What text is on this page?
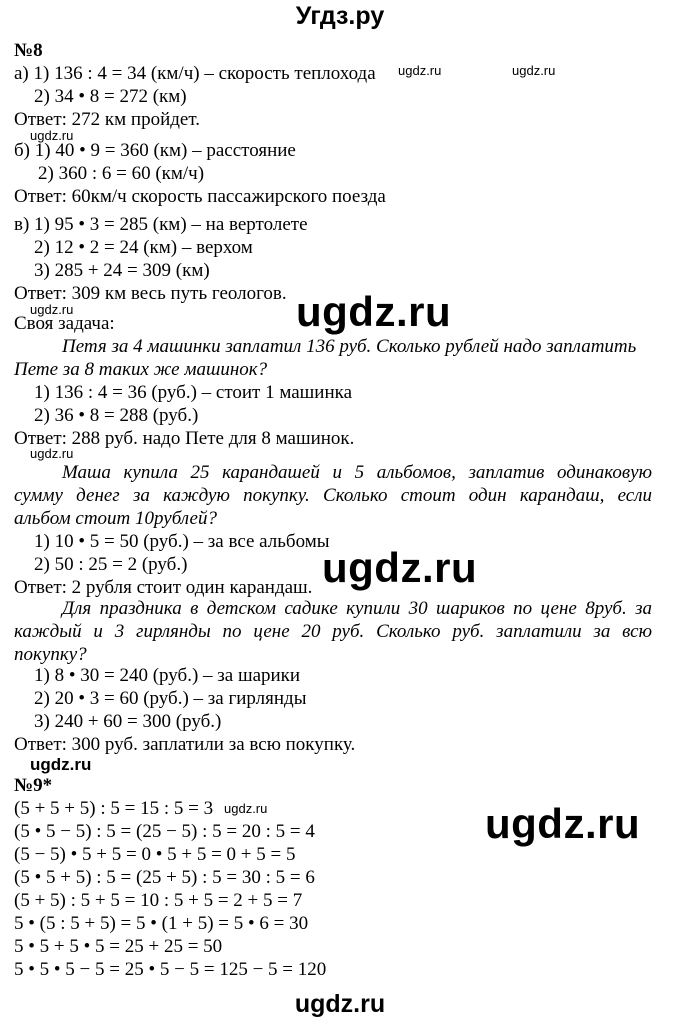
Угдз.ру
№8
а) 1) 136 : 4 = 34 (км/ч) – скорость теплохода
2) 34 • 8 = 272 (км)
Ответ: 272 км пройдет.
б) 1) 40 • 9 = 360 (км) – расстояние
2) 360 : 6 = 60 (км/ч)
Ответ: 60км/ч скорость пассажирского поезда
в) 1) 95 • 3 = 285 (км) – на вертолете
2) 12 • 2 = 24 (км) – верхом
3) 285 + 24 = 309 (км)
Ответ: 309 км весь путь геологов.
Своя задача:
Петя за 4 машинки заплатил 136 руб. Сколько рублей надо заплатить
Пете за 8 таких же машинок?
1) 136 : 4 = 36 (руб.) – стоит 1 машинка
2) 36 • 8 = 288 (руб.)
Ответ: 288 руб. надо Пете для 8 машинок.
Маша купила 25 карандашей и 5 альбомов, заплатив одинаковую
сумму денег за каждую покупку. Сколько стоит один карандаш, если
альбом стоит 10рублей?
1) 10 • 5 = 50 (руб.) – за все альбомы
2) 50 : 25 = 2 (руб.)
Ответ: 2 рубля стоит один карандаш.
Для праздника в детском садике купили 30 шариков по цене 8руб. за
каждый и 3 гирлянды по цене 20 руб. Сколько руб. заплатили за всю
покупку?
1) 8 • 30 = 240 (руб.) – за шарики
2) 20 • 3 = 60 (руб.) – за гирлянды
3) 240 + 60 = 300 (руб.)
Ответ: 300 руб. заплатили за всю покупку.
№9*
(5 + 5 + 5) : 5 = 15 : 5 = 3
(5 • 5 − 5) : 5 = (25 − 5) : 5 = 20 : 5 = 4
(5 − 5) • 5 + 5 = 0 • 5 + 5 = 0 + 5 = 5
(5 • 5 + 5) : 5 = (25 + 5) : 5 = 30 : 5 = 6
(5 + 5) : 5 + 5 = 10 : 5 + 5 = 2 + 5 = 7
5 • (5 : 5 + 5) = 5 • (1 + 5) = 5 • 6 = 30
5 • 5 + 5 • 5 = 25 + 25 = 50
5 • 5 • 5 − 5 = 25 • 5 − 5 = 125 − 5 = 120
ugdz.ru	ugdz.ru
ugdz.ru
ugdz.ru
ugdz.ru
ugdz.ru
ugdz.ru
ugdz.ru
ugdz.ru
ugdz.ru
ugdz.ru
